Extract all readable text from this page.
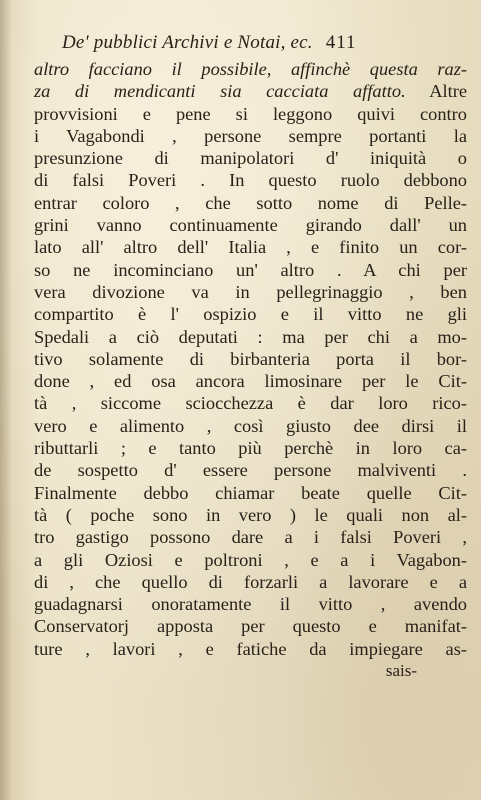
De' pubblici Archivi e Notai, ec. 411
altro facciano il possibile, affinchè questa raz-
za di mendicanti sia cacciata affatto. Altre
provvisioni e pene si leggono quivi contro
i Vagabondi , persone sempre portanti la
presunzione di manipolatori d' iniquità o
di falsi Poveri . In questo ruolo debbono
entrar coloro , che sotto nome di Pelle-
grini vanno continuamente girando dall' un
lato all' altro dell' Italia , e finito un cor-
so ne incominciano un' altro . A chi per
vera divozione va in pellegrinaggio , ben
compartito è l' ospizio e il vitto ne gli
Spedali a ciò deputati : ma per chi a mo-
tivo solamente di birbanteria porta il bor-
done , ed osa ancora limosinare per le Cit-
tà , siccome sciocchezza è dar loro rico-
vero e alimento , così giusto dee dirsi il
ributtarli ; e tanto più perchè in loro ca-
de sospetto d' essere persone malviventi .
Finalmente debbo chiamar beate quelle Cit-
tà ( poche sono in vero ) le quali non al-
tro gastigo possono dare a i falsi Poveri ,
a gli Oziosi e poltroni , e a i Vagabon-
di , che quello di forzarli a lavorare e a
guadagnarsi onoratamente il vitto , avendo
Conservatorj apposta per questo e manifat-
ture , lavori , e fatiche da impiegare as-
sais-
